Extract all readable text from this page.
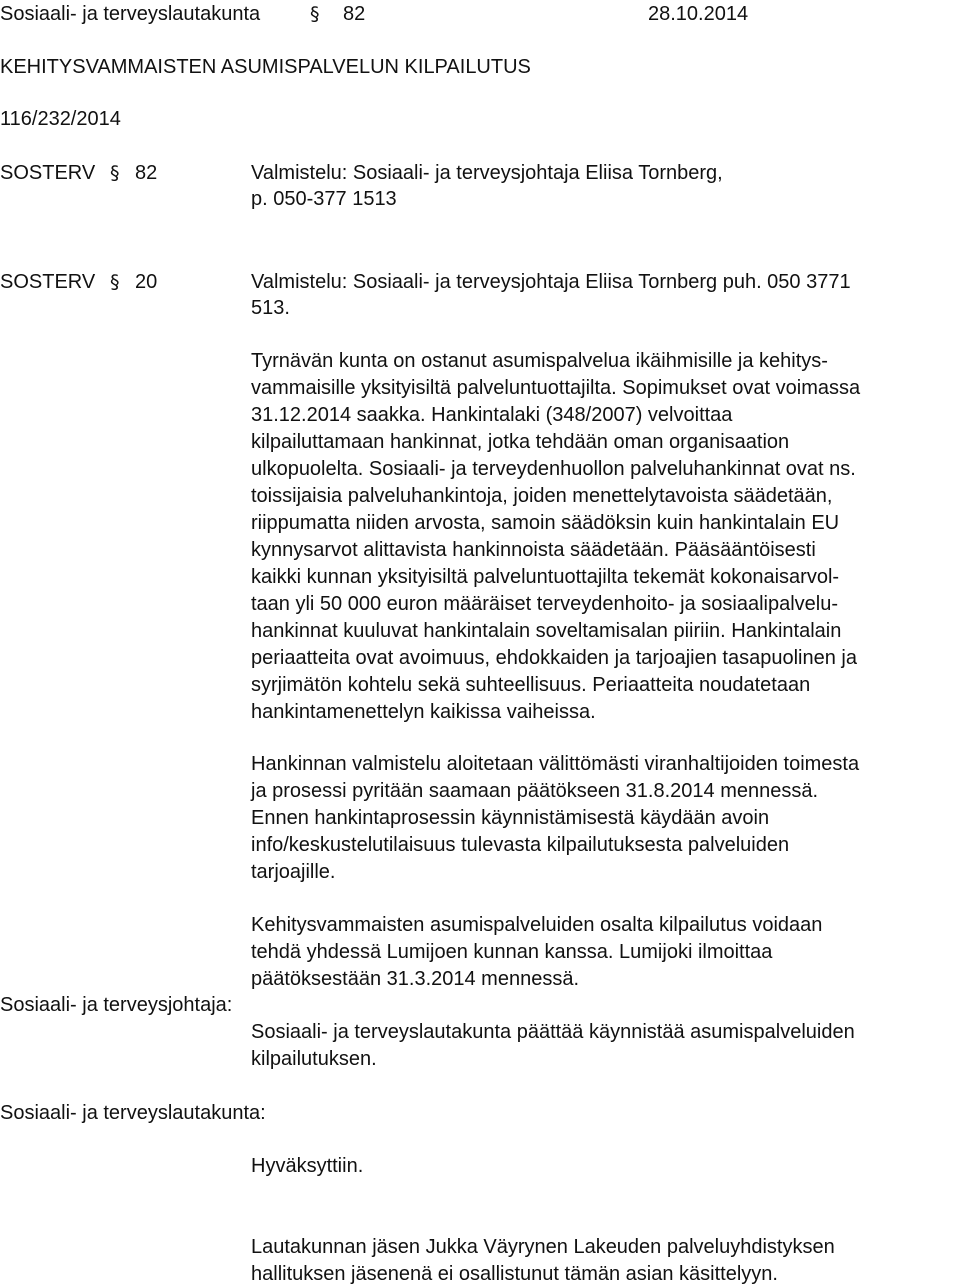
Sosiaali- ja terveyslautakunta	§ 82	28.10.2014
KEHITYSVAMMAISTEN ASUMISPALVELUN KILPAILUTUS
116/232/2014
SOSTERV § 82	Valmistelu: Sosiaali- ja terveysjohtaja Eliisa Tornberg,
p. 050-377 1513
SOSTERV § 20	Valmistelu: Sosiaali- ja terveysjohtaja Eliisa Tornberg puh. 050 3771
513.
Tyrnävän kunta on ostanut asumispalvelua ikäihmisille ja kehitys-
vammaisille yksityisiltä palveluntuottajilta. Sopimukset ovat voimassa
31.12.2014 saakka. Hankintalaki (348/2007) velvoittaa
kilpailuttamaan hankinnat, jotka tehdään oman organisaation
ulkopuolelta. Sosiaali- ja terveydenhuollon palveluhankinnat ovat ns.
toissijaisia palveluhankintoja, joiden menettelytavoista säädetään,
riippumatta niiden arvosta, samoin säädöksin kuin hankintalain EU
kynnysarvot alittavista hankinnoista säädetään. Pääsääntöisesti
kaikki kunnan yksityisiltä palveluntuottajilta tekemät kokonaisarvol-
taan yli 50 000 euron määräiset terveydenhoito- ja sosiaalipalvelu-
hankinnat kuuluvat hankintalain soveltamisalan piiriin. Hankintalain
periaatteita ovat avoimuus, ehdokkaiden ja tarjoajien tasapuolinen ja
syrjimätön kohtelu sekä suhteellisuus. Periaatteita noudatetaan
hankintamenettelyn kaikissa vaiheissa.
Hankinnan valmistelu aloitetaan välittömästi viranhaltijoiden toimesta
ja prosessi pyritään saamaan päätökseen 31.8.2014 mennessä.
Ennen hankintaprosessin käynnistämisestä käydään avoin
info/keskustelutilaisuus tulevasta kilpailutuksesta palveluiden
tarjoajille.
Kehitysvammaisten asumispalveluiden osalta kilpailutus voidaan
tehdä yhdessä Lumijoen kunnan kanssa. Lumijoki ilmoittaa
päätöksestään 31.3.2014 mennessä.
Sosiaali- ja terveysjohtaja:
Sosiaali- ja terveyslautakunta päättää käynnistää asumispalveluiden
kilpailutuksen.
Sosiaali- ja terveyslautakunta:
Hyväksyttiin.
Lautakunnan jäsen Jukka Väyrynen Lakeuden palveluyhdistyksen
hallituksen jäsenenä ei osallistunut tämän asian käsittelyyn.
